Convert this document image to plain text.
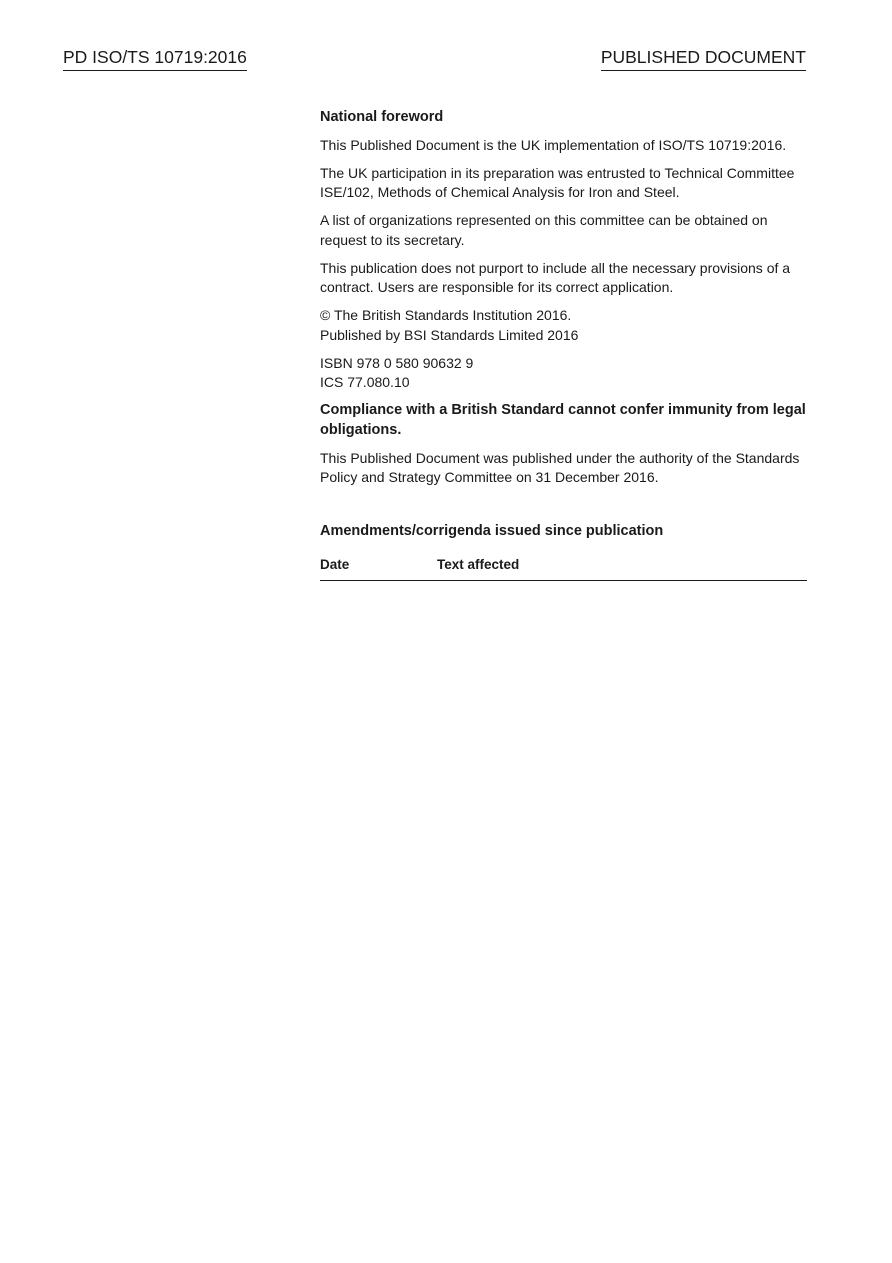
PD ISO/TS 10719:2016	PUBLISHED DOCUMENT
National foreword

This Published Document is the UK implementation of ISO/TS 10719:2016.

The UK participation in its preparation was entrusted to Technical Committee ISE/102, Methods of Chemical Analysis for Iron and Steel.

A list of organizations represented on this committee can be obtained on request to its secretary.

This publication does not purport to include all the necessary provisions of a contract. Users are responsible for its correct application.

© The British Standards Institution 2016.
Published by BSI Standards Limited 2016

ISBN 978 0 580 90632 9
ICS 77.080.10

Compliance with a British Standard cannot confer immunity from legal obligations.

This Published Document was published under the authority of the Standards Policy and Strategy Committee on 31 December 2016.

Amendments/corrigenda issued since publication
Date	Text affected
